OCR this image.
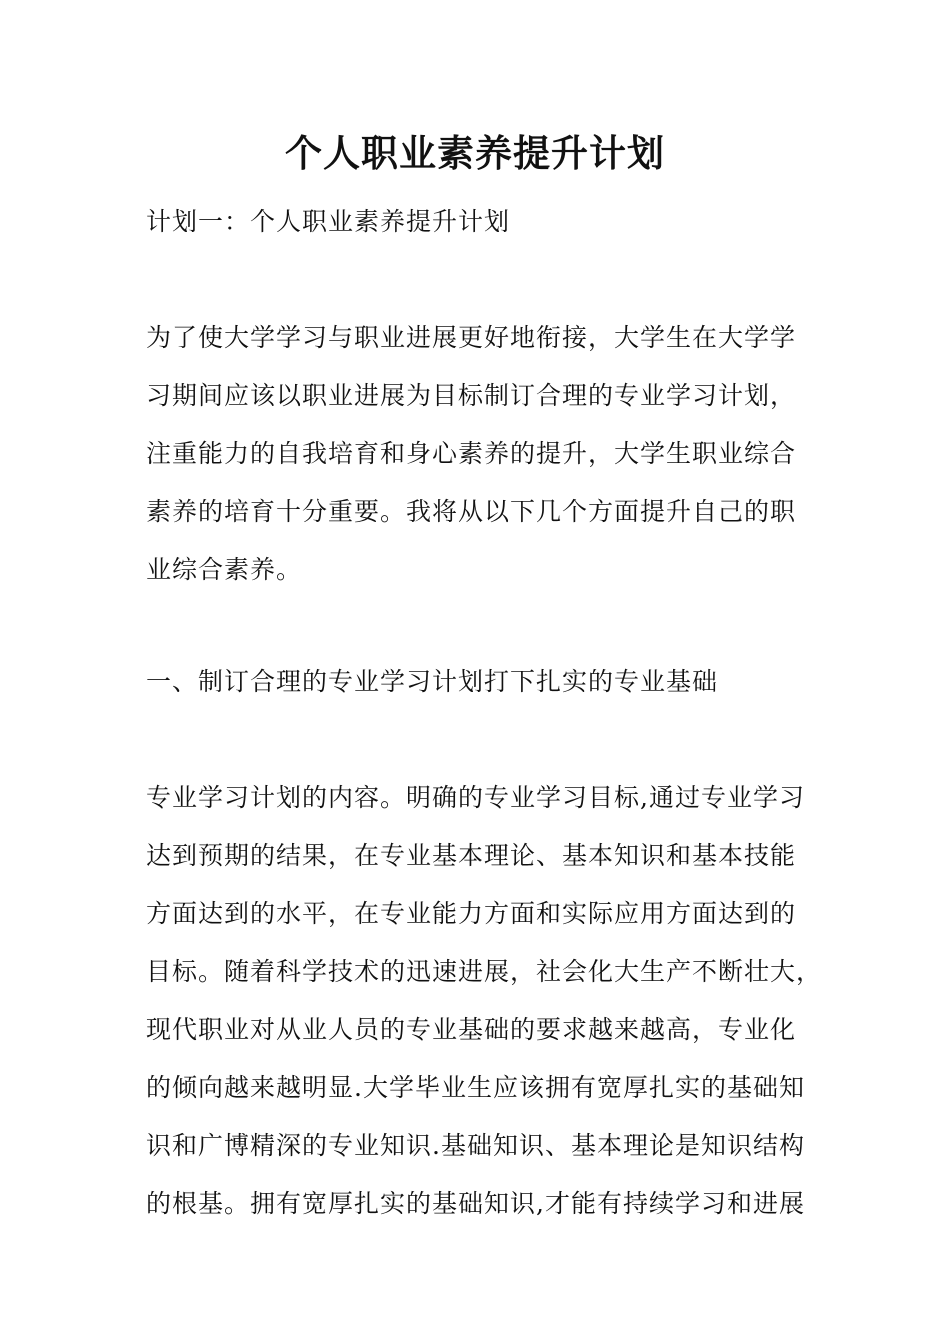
个人职业素养提升计划
计划一：个人职业素养提升计划
为了使大学学习与职业进展更好地衔接，大学生在大学学
习期间应该以职业进展为目标制订合理的专业学习计划，
注重能力的自我培育和身心素养的提升，大学生职业综合
素养的培育十分重要。我将从以下几个方面提升自己的职
业综合素养。
一、制订合理的专业学习计划打下扎实的专业基础
专业学习计划的内容。明确的专业学习目标,通过专业学习
达到预期的结果，在专业基本理论、基本知识和基本技能
方面达到的水平，在专业能力方面和实际应用方面达到的
目标。随着科学技术的迅速进展，社会化大生产不断壮大，
现代职业对从业人员的专业基础的要求越来越高，专业化
的倾向越来越明显.大学毕业生应该拥有宽厚扎实的基础知
识和广博精深的专业知识.基础知识、基本理论是知识结构
的根基。拥有宽厚扎实的基础知识,才能有持续学习和进展
